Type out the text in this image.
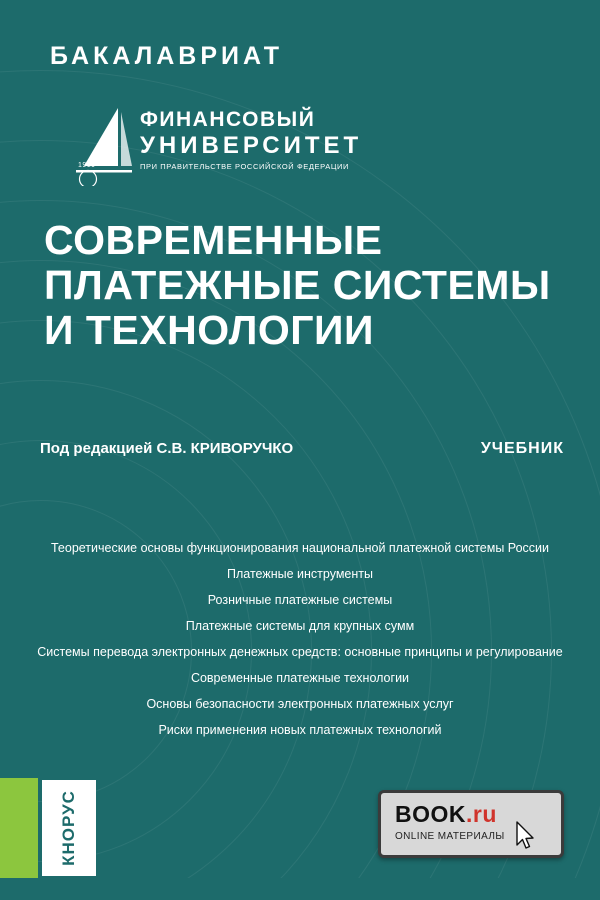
БАКАЛАВРИАТ
1919
ФИНАНСОВЫЙ
УНИВЕРСИТЕТ
ПРИ ПРАВИТЕЛЬСТВЕ РОССИЙСКОЙ ФЕДЕРАЦИИ
СОВРЕМЕННЫЕ ПЛАТЕЖНЫЕ СИСТЕМЫ И ТЕХНОЛОГИИ
Под редакцией С.В. КРИВОРУЧКО	УЧЕБНИК
Теоретические основы функционирования национальной платежной системы России
Платежные инструменты
Розничные платежные системы
Платежные системы для крупных сумм
Системы перевода электронных денежных средств: основные принципы и регулирование
Современные платежные технологии
Основы безопасности электронных платежных услуг
Риски применения новых платежных технологий
КНОРУС	BOOK.ru
ONLINE МАТЕРИАЛЫ
